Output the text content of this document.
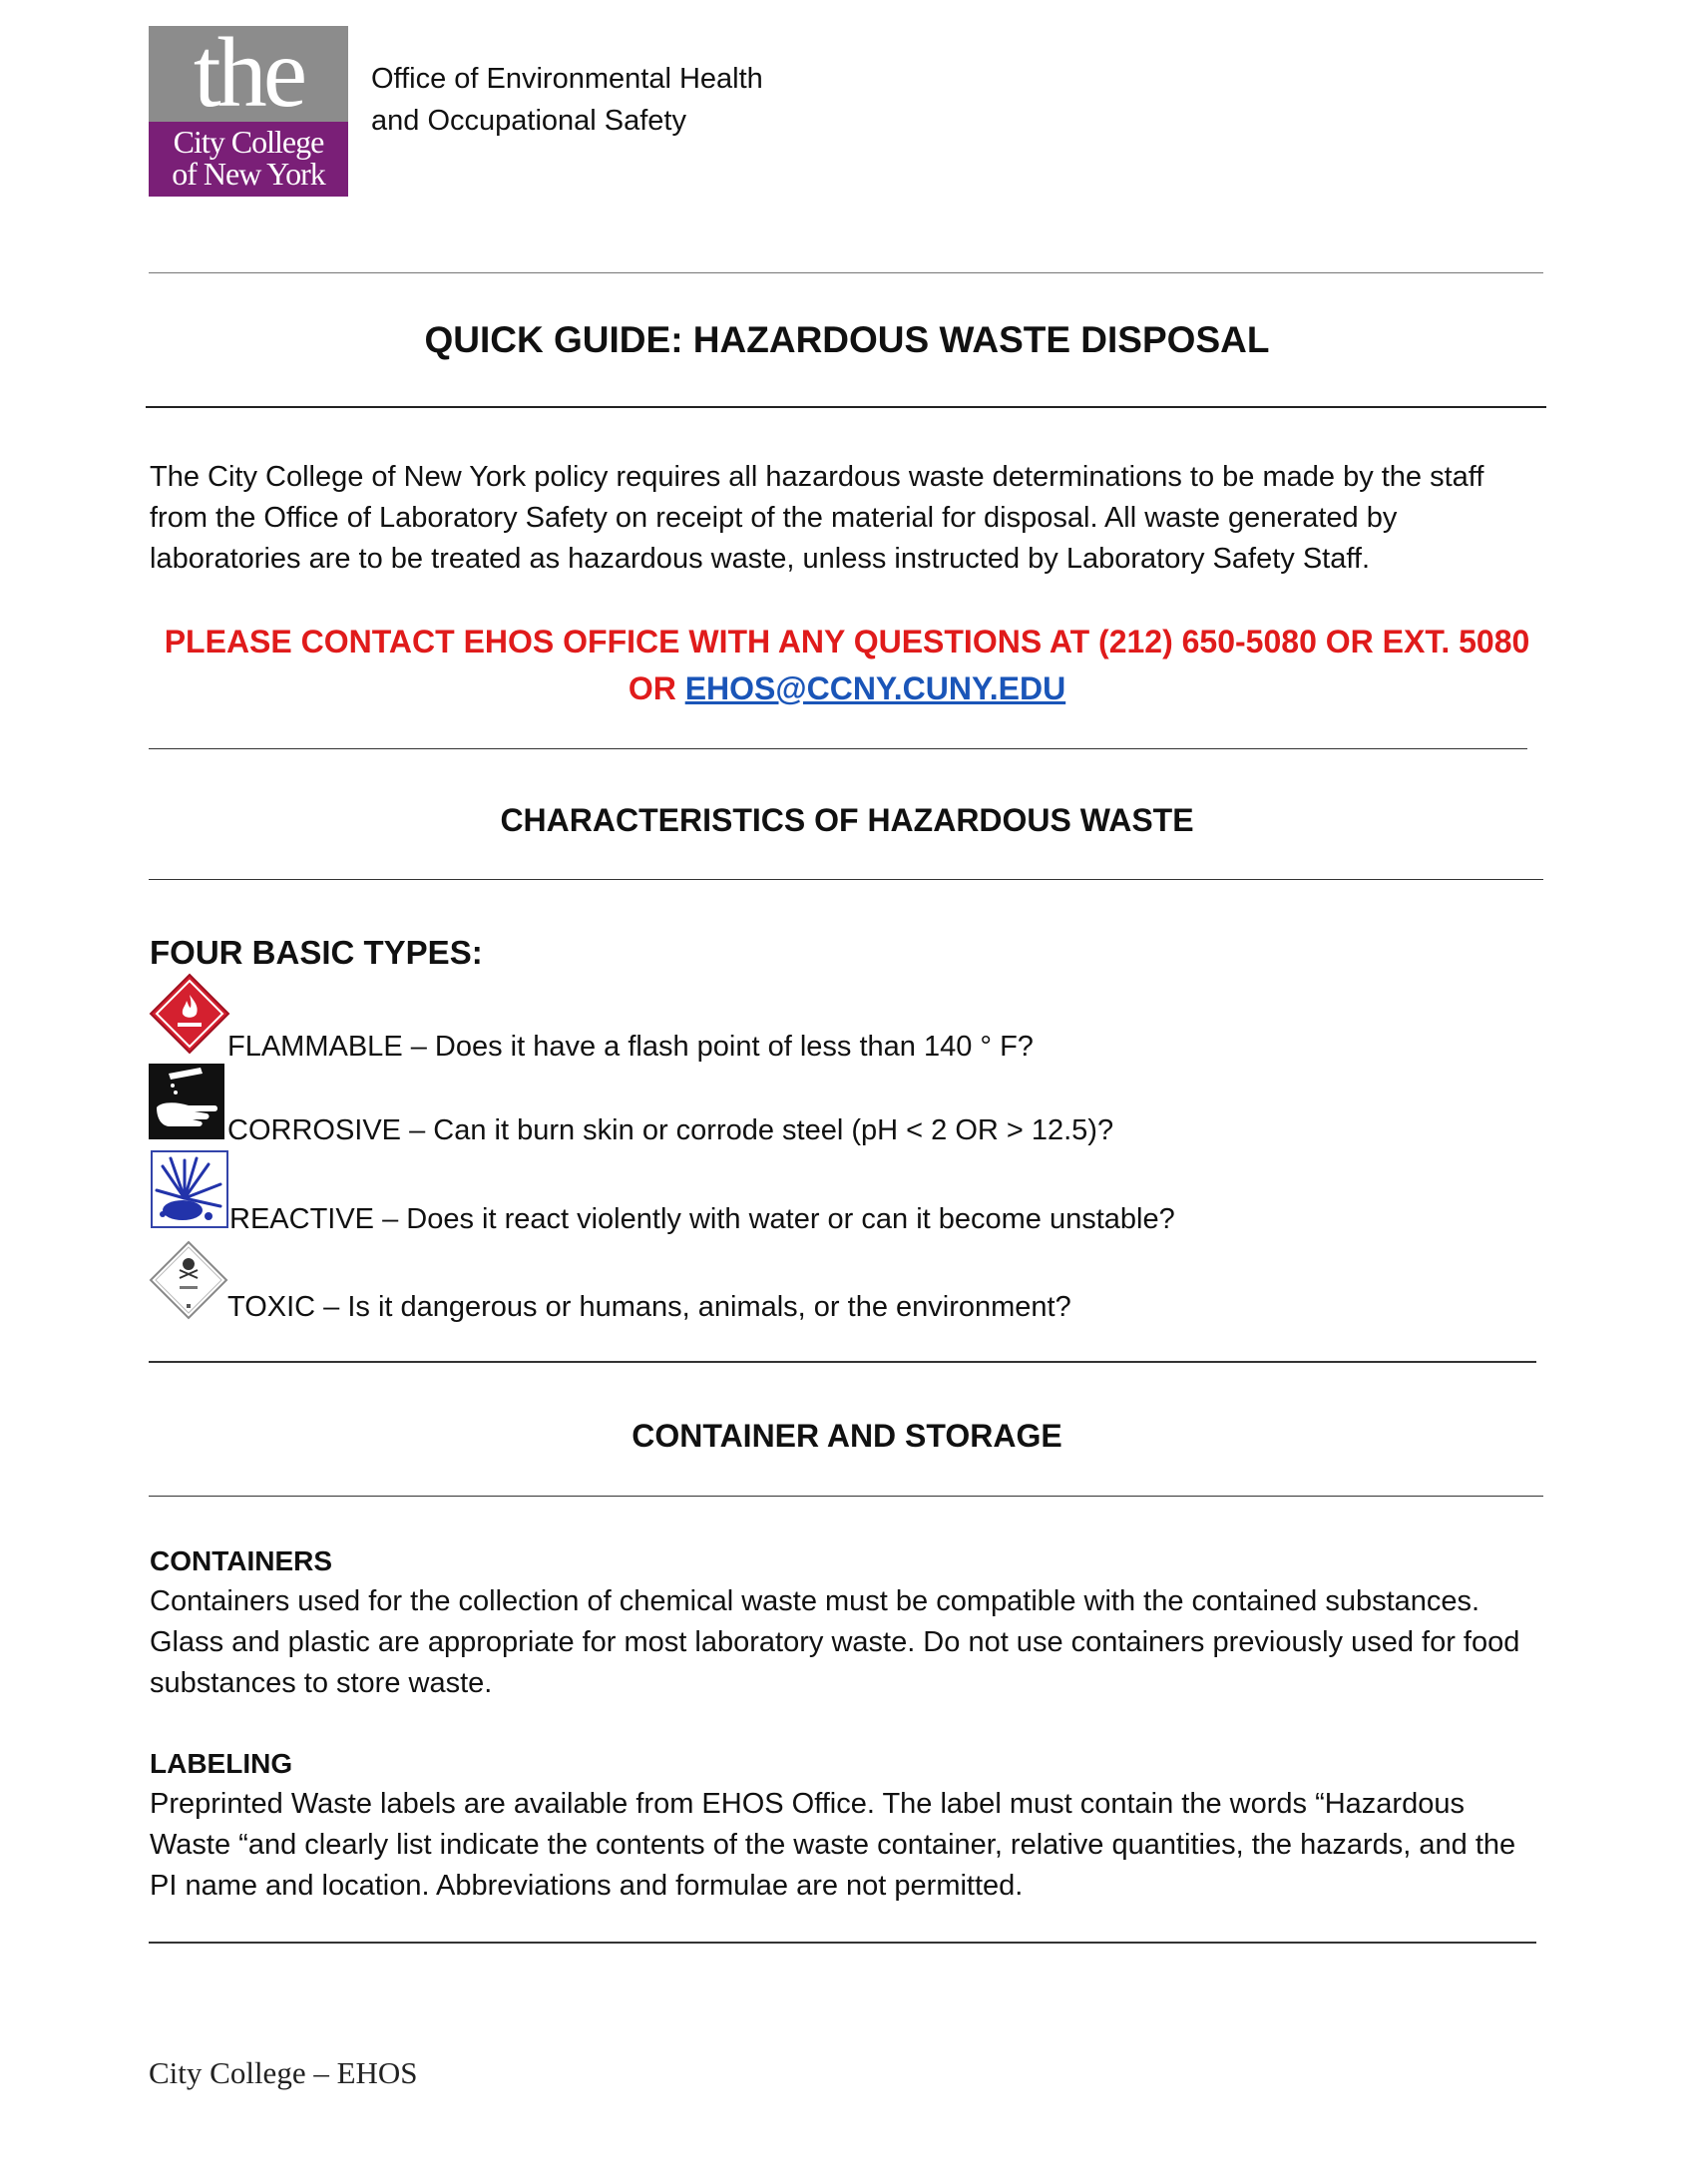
the
City College
of New York
Office of Environmental Health
and Occupational Safety
QUICK GUIDE: HAZARDOUS WASTE DISPOSAL
The City College of New York policy requires all hazardous waste determinations to be made by the staff from the Office of Laboratory Safety on receipt of the material for disposal. All waste generated by laboratories are to be treated as hazardous waste, unless instructed by Laboratory Safety Staff.
PLEASE CONTACT EHOS OFFICE WITH ANY QUESTIONS AT (212) 650-5080 OR EXT. 5080
OR EHOS@CCNY.CUNY.EDU
CHARACTERISTICS OF HAZARDOUS WASTE
FOUR BASIC TYPES:
FLAMMABLE – Does it have a flash point of less than 140 ° F?
CORROSIVE – Can it burn skin or corrode steel (pH < 2 OR > 12.5)?
REACTIVE – Does it react violently with water or can it become unstable?
TOXIC – Is it dangerous or humans, animals, or the environment?
CONTAINER AND STORAGE
CONTAINERS
Containers used for the collection of chemical waste must be compatible with the contained substances. Glass and plastic are appropriate for most laboratory waste. Do not use containers previously used for food substances to store waste.
LABELING
Preprinted Waste labels are available from EHOS Office. The label must contain the words “Hazardous Waste “and clearly list indicate the contents of the waste container, relative quantities, the hazards, and the PI name and location. Abbreviations and formulae are not permitted.
City College – EHOS
